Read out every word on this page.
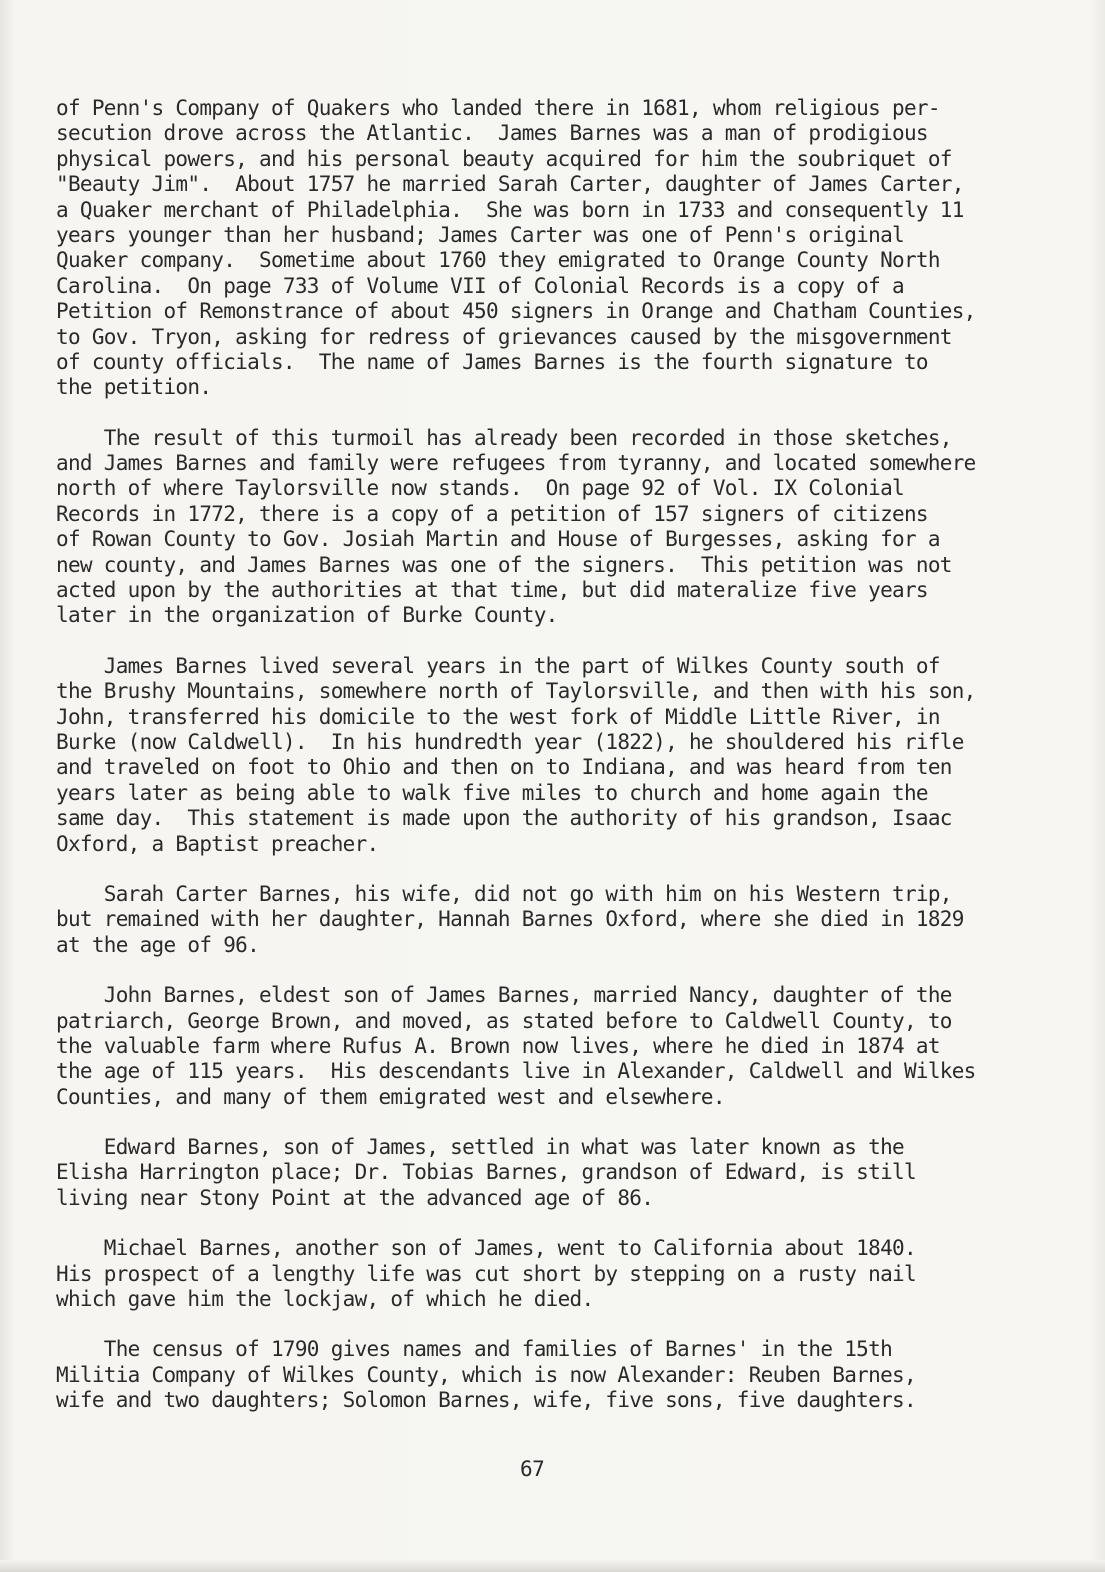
of Penn's Company of Quakers who landed there in 1681, whom religious per-
secution drove across the Atlantic.  James Barnes was a man of prodigious
physical powers, and his personal beauty acquired for him the soubriquet of
"Beauty Jim".  About 1757 he married Sarah Carter, daughter of James Carter,
a Quaker merchant of Philadelphia.  She was born in 1733 and consequently 11
years younger than her husband; James Carter was one of Penn's original
Quaker company.  Sometime about 1760 they emigrated to Orange County North
Carolina.  On page 733 of Volume VII of Colonial Records is a copy of a
Petition of Remonstrance of about 450 signers in Orange and Chatham Counties,
to Gov. Tryon, asking for redress of grievances caused by the misgovernment
of county officials.  The name of James Barnes is the fourth signature to
the petition.
The result of this turmoil has already been recorded in those sketches,
and James Barnes and family were refugees from tyranny, and located somewhere
north of where Taylorsville now stands.  On page 92 of Vol. IX Colonial
Records in 1772, there is a copy of a petition of 157 signers of citizens
of Rowan County to Gov. Josiah Martin and House of Burgesses, asking for a
new county, and James Barnes was one of the signers.  This petition was not
acted upon by the authorities at that time, but did materalize five years
later in the organization of Burke County.
James Barnes lived several years in the part of Wilkes County south of
the Brushy Mountains, somewhere north of Taylorsville, and then with his son,
John, transferred his domicile to the west fork of Middle Little River, in
Burke (now Caldwell).  In his hundredth year (1822), he shouldered his rifle
and traveled on foot to Ohio and then on to Indiana, and was heard from ten
years later as being able to walk five miles to church and home again the
same day.  This statement is made upon the authority of his grandson, Isaac
Oxford, a Baptist preacher.
Sarah Carter Barnes, his wife, did not go with him on his Western trip,
but remained with her daughter, Hannah Barnes Oxford, where she died in 1829
at the age of 96.
John Barnes, eldest son of James Barnes, married Nancy, daughter of the
patriarch, George Brown, and moved, as stated before to Caldwell County, to
the valuable farm where Rufus A. Brown now lives, where he died in 1874 at
the age of 115 years.  His descendants live in Alexander, Caldwell and Wilkes
Counties, and many of them emigrated west and elsewhere.
Edward Barnes, son of James, settled in what was later known as the
Elisha Harrington place; Dr. Tobias Barnes, grandson of Edward, is still
living near Stony Point at the advanced age of 86.
Michael Barnes, another son of James, went to California about 1840.
His prospect of a lengthy life was cut short by stepping on a rusty nail
which gave him the lockjaw, of which he died.
The census of 1790 gives names and families of Barnes' in the 15th
Militia Company of Wilkes County, which is now Alexander: Reuben Barnes,
wife and two daughters; Solomon Barnes, wife, five sons, five daughters.
67
